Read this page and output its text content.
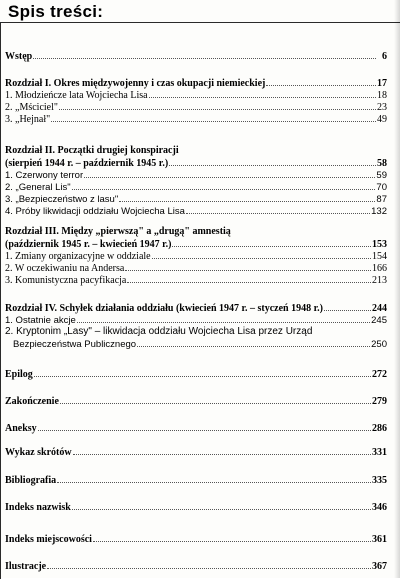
Spis treści:
Wstęp	6
Rozdział I. Okres międzywojenny i czas okupacji niemieckiej	17
1. Młodzieńcze lata Wojciecha Lisa	18
2. „Mściciel"	23
3. „Hejnał"	49
Rozdział II. Początki drugiej konspiracji
(sierpień 1944 r. – październik 1945 r.)	58
1. Czerwony terror	59
2. „General Lis"	70
3. „Bezpieczeństwo z lasu"	87
4. Próby likwidacji oddziału Wojciecha Lisa	132
Rozdział III. Między „pierwszą" a „drugą" amnestią
(październik 1945 r. – kwiecień 1947 r.)	153
1. Zmiany organizacyjne w oddziale	154
2. W oczekiwaniu na Andersa	166
3. Komunistyczna pacyfikacja	213
Rozdział IV. Schyłek działania oddziału (kwiecień 1947 r. – styczeń 1948 r.)	244
1. Ostatnie akcje	245
2. Kryptonim „Lasy" – likwidacja oddziału Wojciecha Lisa przez Urząd
Bezpieczeństwa Publicznego	250
Epilog	272
Zakończenie	279
Aneksy	286
Wykaz skrótów	331
Bibliografia	335
Indeks nazwisk	346
Indeks miejscowości	361
Ilustracje	367
